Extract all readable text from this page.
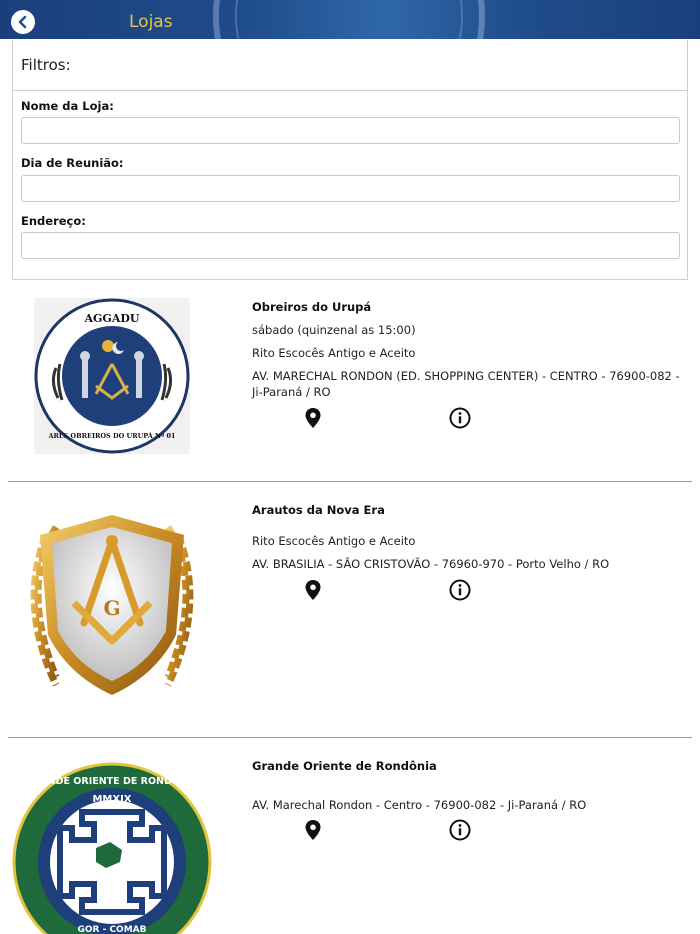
Lojas
Filtros:
Nome da Loja:
Dia de Reunião:
Endereço:
AGGADU
ARLS OBREIROS DO URUPÁ Nº 01
Obreiros do Urupá
sábado (quinzenal as 15:00)
Rito Escocês Antigo e Aceito
AV. MARECHAL RONDON (ED. SHOPPING CENTER) - CENTRO - 76900-082 - Ji-Paraná / RO
G
Arautos da Nova Era
Rito Escocês Antigo e Aceito
AV. BRASILIA - SÃO CRISTOVÃO - 76960-970 - Porto Velho / RO
GRANDE ORIENTE DE RONDÔNIA
MMXIX
GOR - COMAB
Grande Oriente de Rondônia
AV. Marechal Rondon - Centro - 76900-082 - Ji-Paraná / RO
